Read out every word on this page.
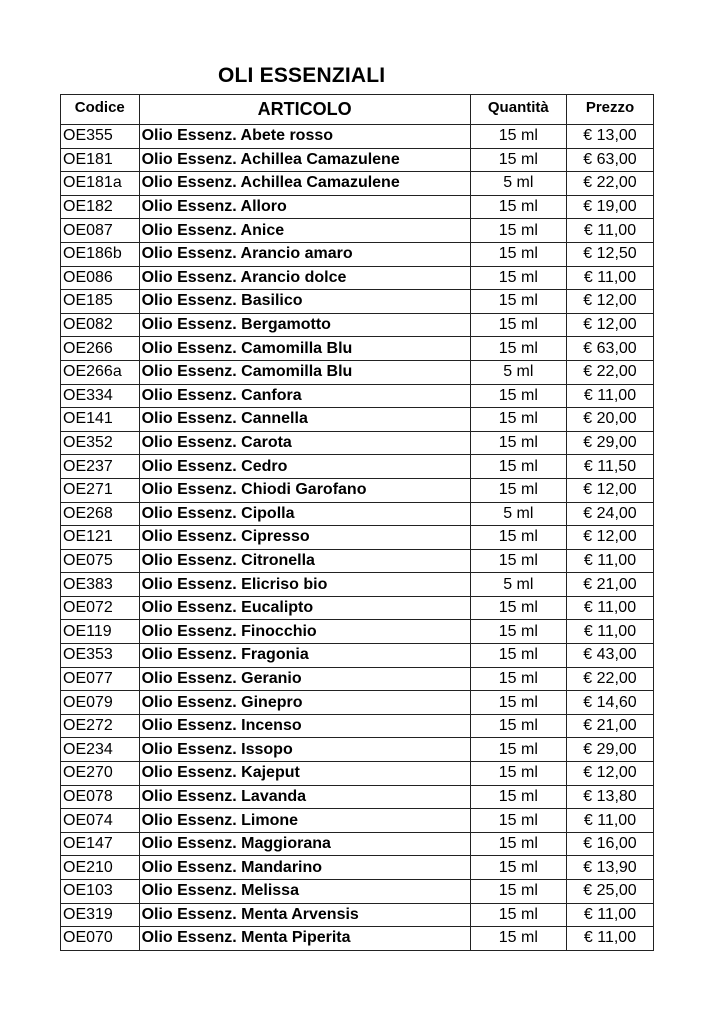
OLI ESSENZIALI
Codice	ARTICOLO	Quantità	Prezzo
OE355	Olio Essenz. Abete rosso	15 ml	€ 13,00
OE181	Olio Essenz. Achillea Camazulene	15 ml	€ 63,00
OE181a	Olio Essenz. Achillea Camazulene	5 ml	€ 22,00
OE182	Olio Essenz. Alloro	15 ml	€ 19,00
OE087	Olio Essenz. Anice	15 ml	€ 11,00
OE186b	Olio Essenz. Arancio amaro	15 ml	€ 12,50
OE086	Olio Essenz. Arancio dolce	15 ml	€ 11,00
OE185	Olio Essenz. Basilico	15 ml	€ 12,00
OE082	Olio Essenz. Bergamotto	15 ml	€ 12,00
OE266	Olio Essenz. Camomilla Blu	15 ml	€ 63,00
OE266a	Olio Essenz. Camomilla Blu	5 ml	€ 22,00
OE334	Olio Essenz. Canfora	15 ml	€ 11,00
OE141	Olio Essenz. Cannella	15 ml	€ 20,00
OE352	Olio Essenz. Carota	15 ml	€ 29,00
OE237	Olio Essenz. Cedro	15 ml	€ 11,50
OE271	Olio Essenz. Chiodi Garofano	15 ml	€ 12,00
OE268	Olio Essenz. Cipolla	5 ml	€ 24,00
OE121	Olio Essenz. Cipresso	15 ml	€ 12,00
OE075	Olio Essenz. Citronella	15 ml	€ 11,00
OE383	Olio Essenz. Elicriso bio	5 ml	€ 21,00
OE072	Olio Essenz. Eucalipto	15 ml	€ 11,00
OE119	Olio Essenz. Finocchio	15 ml	€ 11,00
OE353	Olio Essenz. Fragonia	15 ml	€ 43,00
OE077	Olio Essenz. Geranio	15 ml	€ 22,00
OE079	Olio Essenz. Ginepro	15 ml	€ 14,60
OE272	Olio Essenz. Incenso	15 ml	€ 21,00
OE234	Olio Essenz. Issopo	15 ml	€ 29,00
OE270	Olio Essenz. Kajeput	15 ml	€ 12,00
OE078	Olio Essenz. Lavanda	15 ml	€ 13,80
OE074	Olio Essenz. Limone	15 ml	€ 11,00
OE147	Olio Essenz. Maggiorana	15 ml	€ 16,00
OE210	Olio Essenz. Mandarino	15 ml	€ 13,90
OE103	Olio Essenz. Melissa	15 ml	€ 25,00
OE319	Olio Essenz. Menta Arvensis	15 ml	€ 11,00
OE070	Olio Essenz. Menta Piperita	15 ml	€ 11,00
